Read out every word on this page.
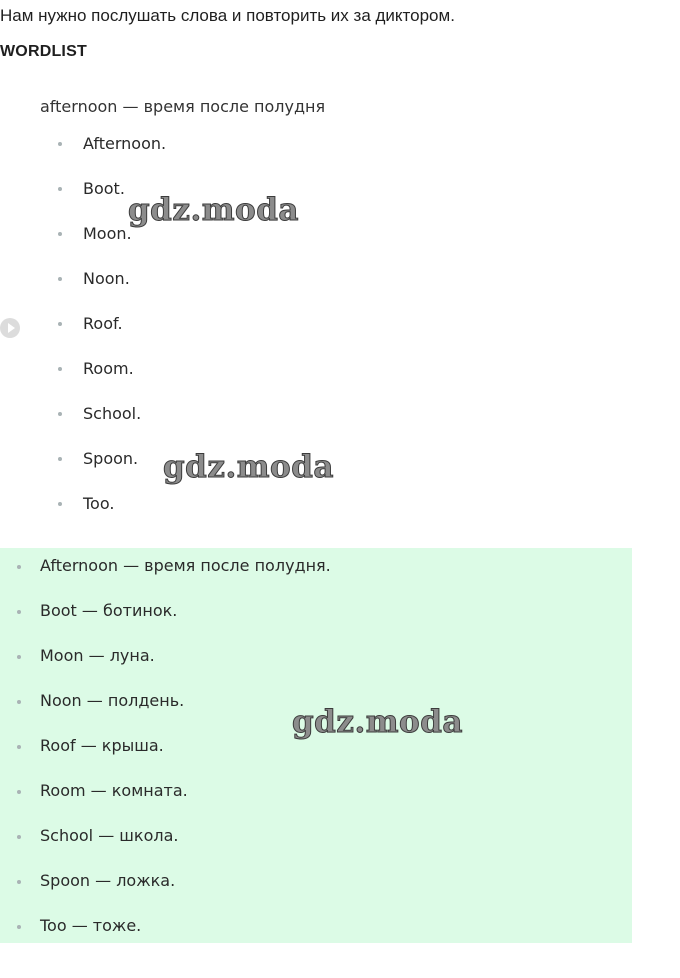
Нам нужно послушать слова и повторить их за диктором.
WORDLIST
afternoon — время после полудня
Afternoon.
Boot.
Moon.
Noon.
Roof.
Room.
School.
Spoon.
Too.
Afternoon — время после полудня.
Boot — ботинок.
Moon — луна.
Noon — полдень.
Roof — крыша.
Room — комната.
School — школа.
Spoon — ложка.
Too — тоже.
gdz.moda
gdz.moda
gdz.moda
